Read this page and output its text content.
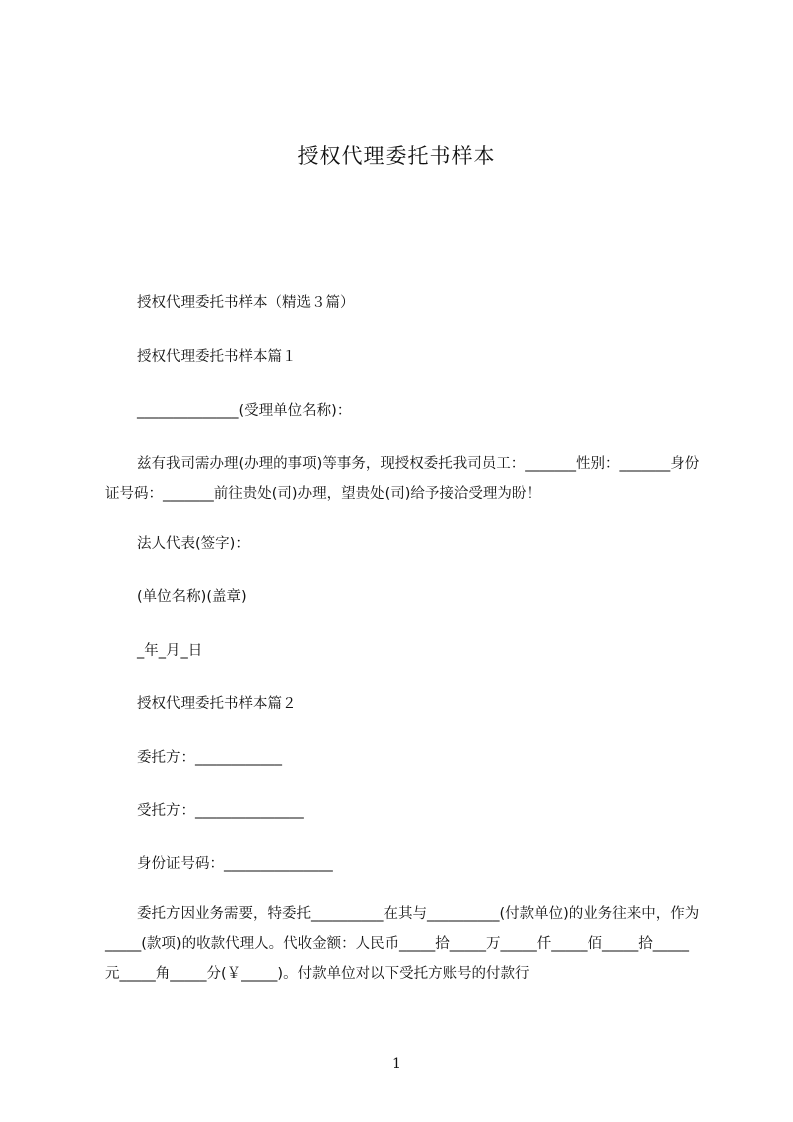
授权代理委托书样本

授权代理委托书样本（精选３篇）

授权代理委托书样本篇１

______________(受理单位名称)：

兹有我司需办理(办理的事项)等事务，现授权委托我司员工：_______性别：_______身份证号码：_______前往贵处(司)办理，望贵处(司)给予接洽受理为盼！

法人代表(签字)：

(单位名称)(盖章)

_年_月_日

授权代理委托书样本篇２

委托方：____________

受托方：_______________

身份证号码：_______________

委托方因业务需要，特委托__________在其与__________(付款单位)的业务往来中，作为_____(款项)的收款代理人。代收金额：人民币_____拾_____万_____仟_____佰_____拾_____元_____角_____分(￥_____)。付款单位对以下受托方账号的付款行

1
